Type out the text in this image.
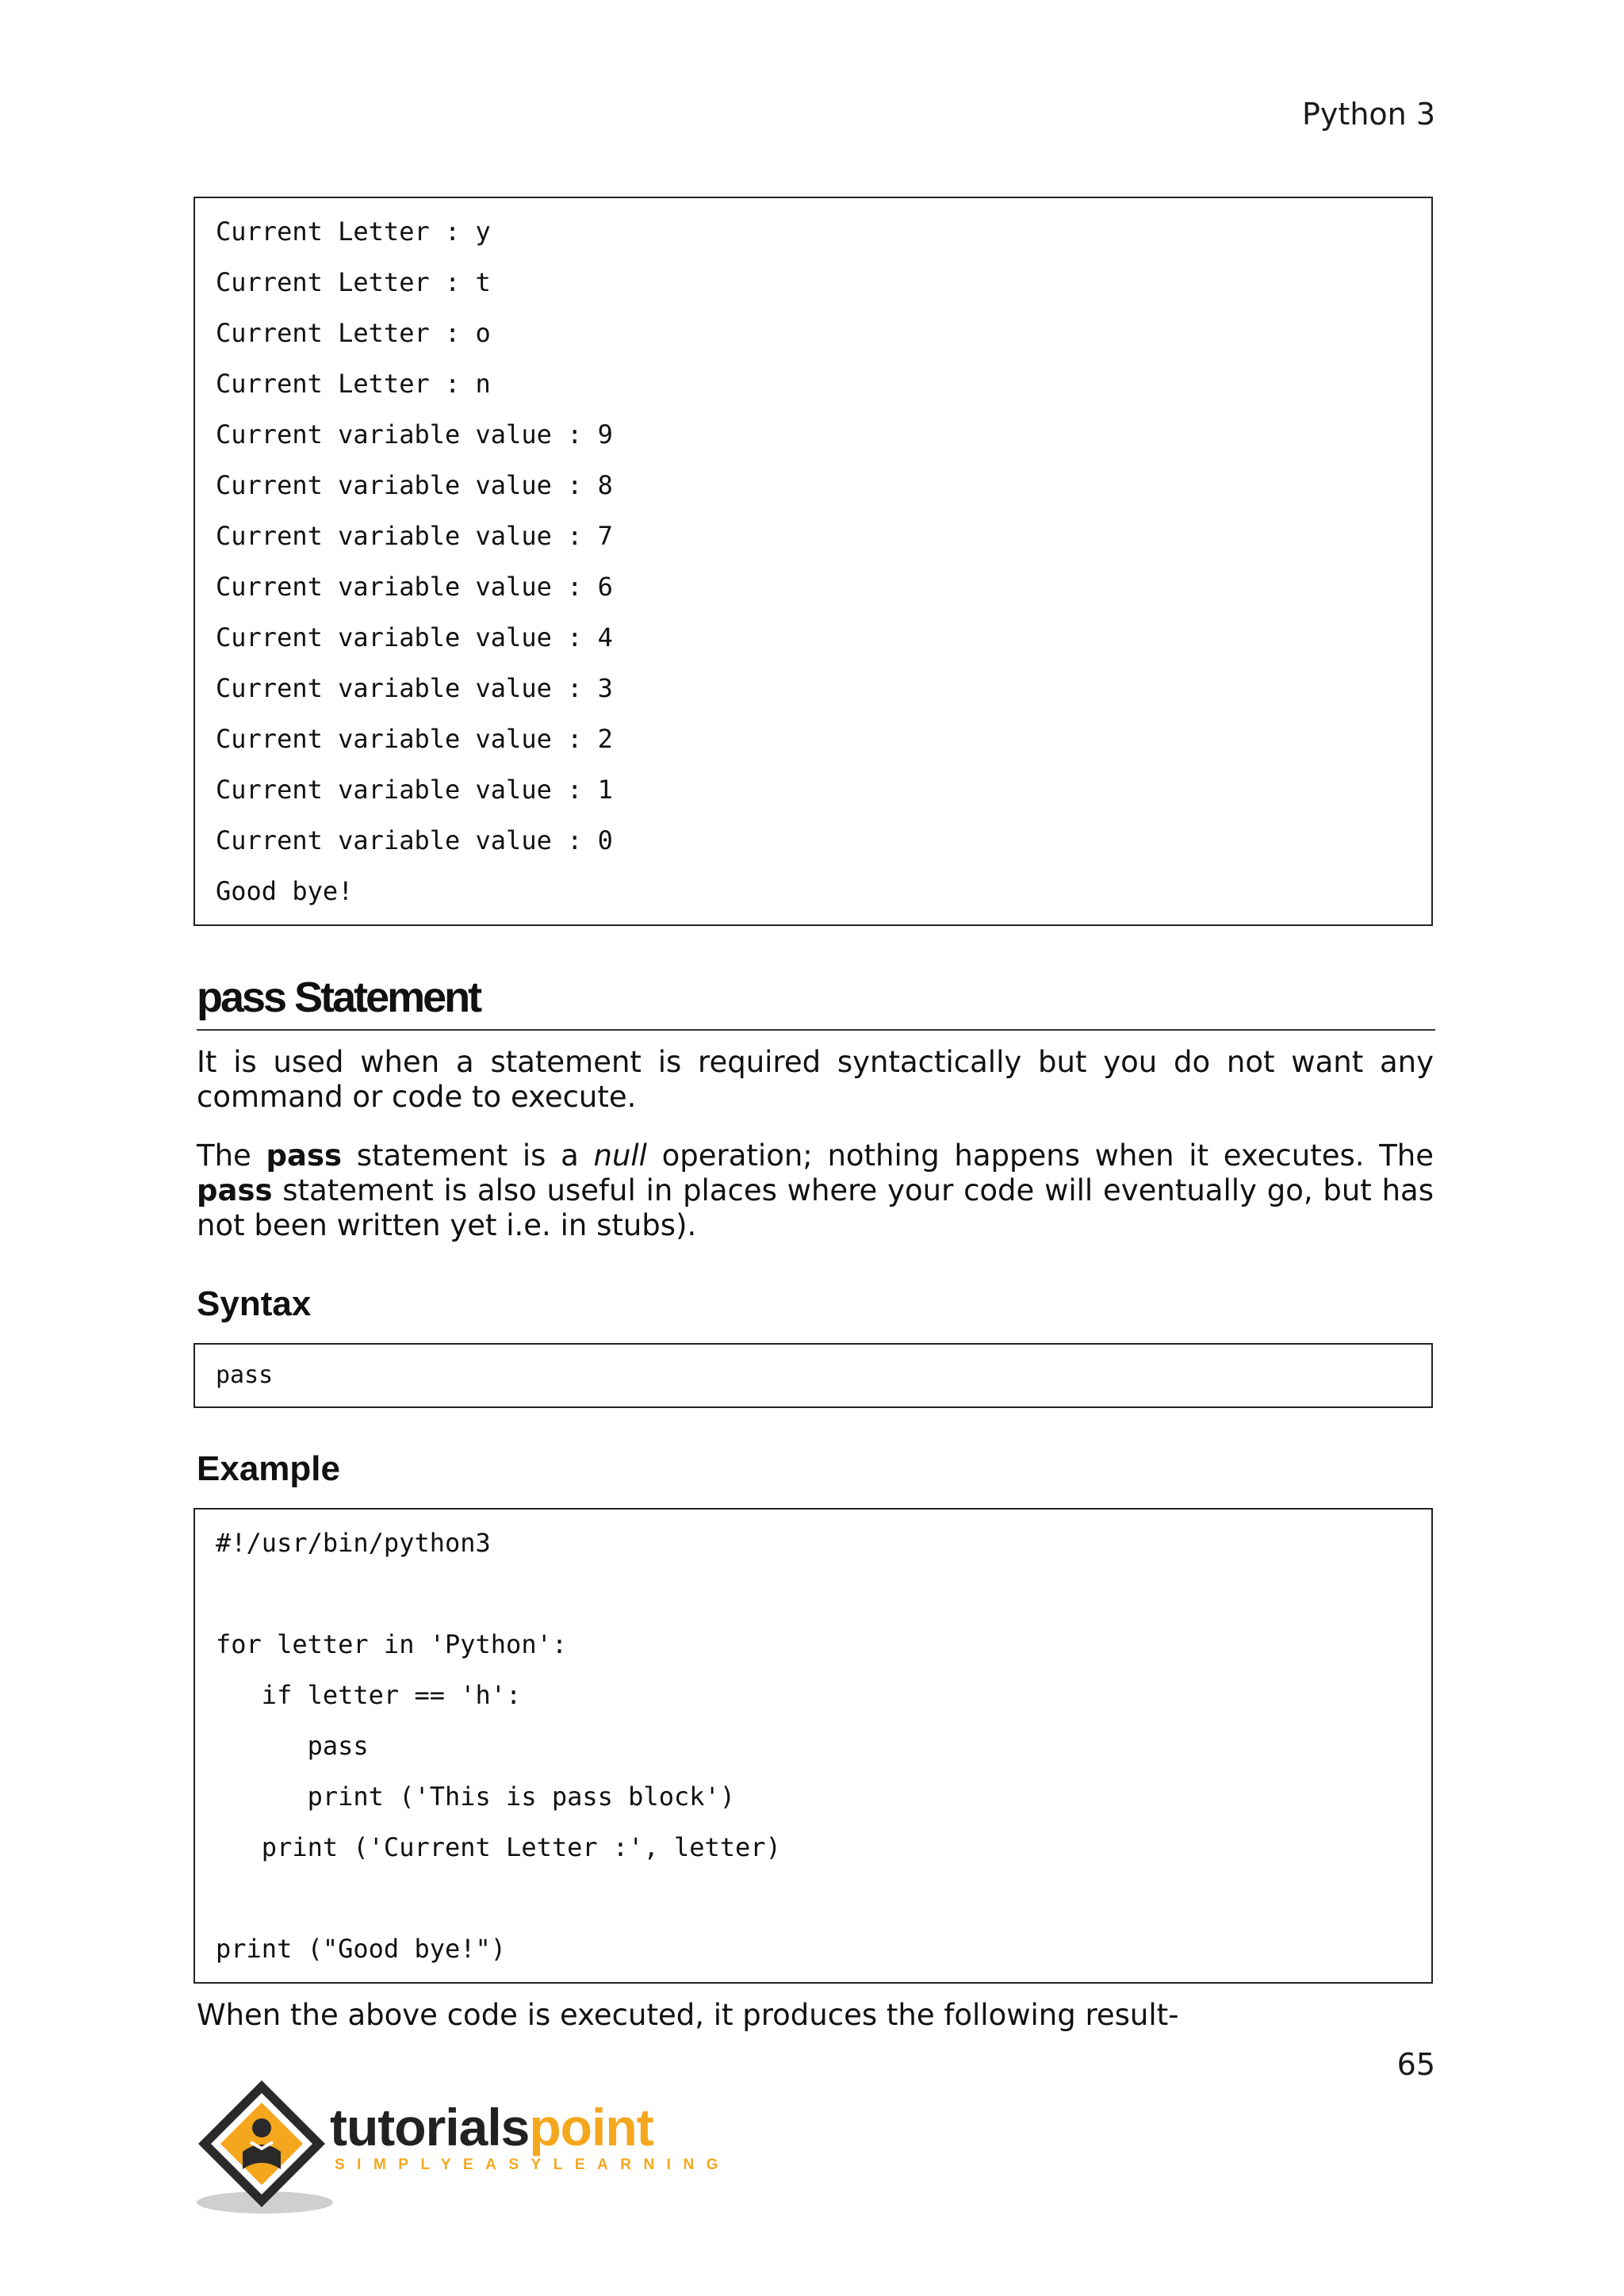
Python 3
Current Letter : y
Current Letter : t
Current Letter : o
Current Letter : n
Current variable value : 9
Current variable value : 8
Current variable value : 7
Current variable value : 6
Current variable value : 4
Current variable value : 3
Current variable value : 2
Current variable value : 1
Current variable value : 0
Good bye!
pass Statement
It is used when a statement is required syntactically but you do not want any command or code to execute.
The pass statement is a null operation; nothing happens when it executes. The pass statement is also useful in places where your code will eventually go, but has not been written yet i.e. in stubs).
Syntax
pass
Example
#!/usr/bin/python3
for letter in 'Python':
if letter == 'h':
pass
print ('This is pass block')
print ('Current Letter :', letter)
print ("Good bye!")
When the above code is executed, it produces the following result-
65
tutorialspoint
SIMPLYEASYLEARNING
